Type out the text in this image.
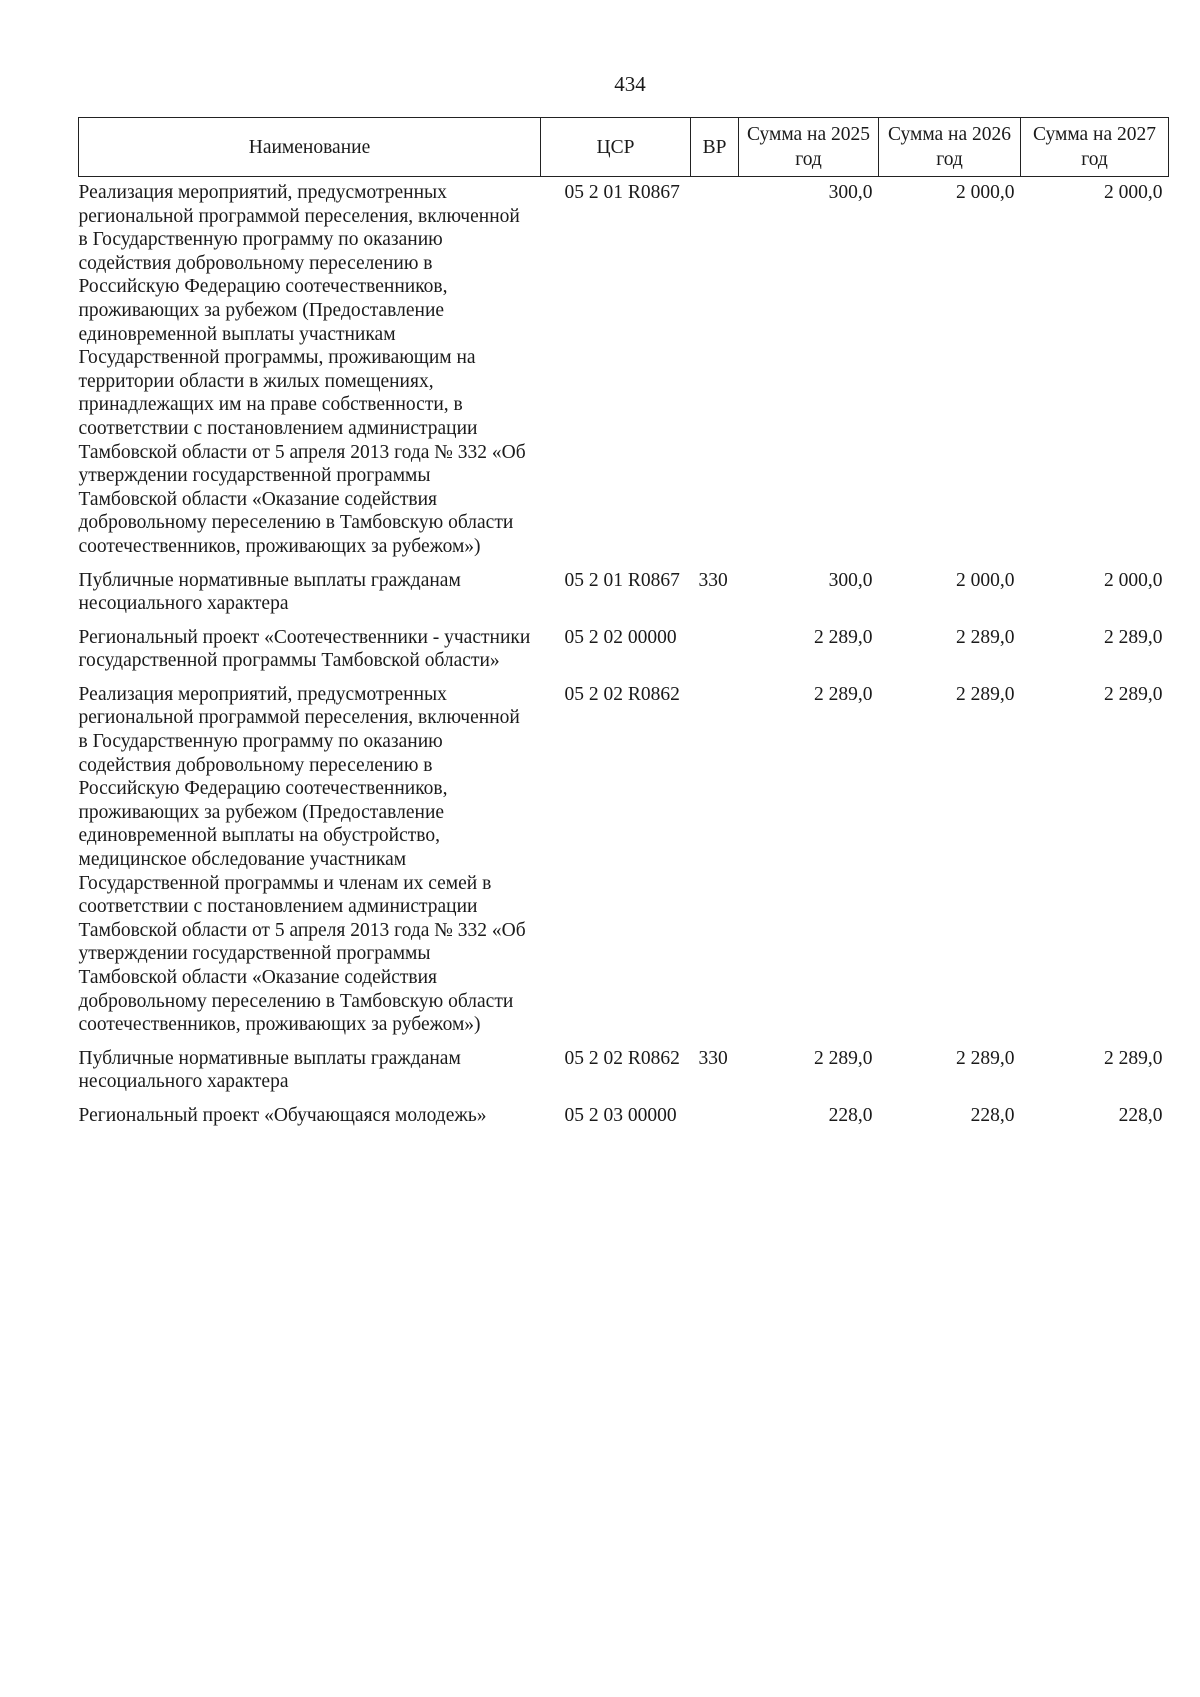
434
Наименование	ЦСР	ВР	Сумма на 2025 год	Сумма на 2026 год	Сумма на 2027 год
Реализация мероприятий, предусмотренных региональной программой переселения, включенной в Государственную программу по оказанию содействия добровольному переселению в Российскую Федерацию соотечественников, проживающих за рубежом (Предоставление единовременной выплаты участникам Государственной программы, проживающим на территории области в жилых помещениях, принадлежащих им на праве собственности, в соответствии с постановлением администрации Тамбовской области от 5 апреля 2013 года № 332 «Об утверждении государственной программы Тамбовской области «Оказание содействия добровольному переселению в Тамбовскую области соотечественников, проживающих за рубежом»)	05 2 01 R0867		300,0	2 000,0	2 000,0
Публичные нормативные выплаты гражданам несоциального характера	05 2 01 R0867	330	300,0	2 000,0	2 000,0
Региональный проект «Соотечественники - участники государственной программы Тамбовской области»	05 2 02 00000		2 289,0	2 289,0	2 289,0
Реализация мероприятий, предусмотренных региональной программой переселения, включенной в Государственную программу по оказанию содействия добровольному переселению в Российскую Федерацию соотечественников, проживающих за рубежом (Предоставление единовременной выплаты на обустройство, медицинское обследование участникам Государственной программы и членам их семей в соответствии с постановлением администрации Тамбовской области от 5 апреля 2013 года № 332 «Об утверждении государственной программы Тамбовской области «Оказание содействия добровольному переселению в Тамбовскую области соотечественников, проживающих за рубежом»)	05 2 02 R0862		2 289,0	2 289,0	2 289,0
Публичные нормативные выплаты гражданам несоциального характера	05 2 02 R0862	330	2 289,0	2 289,0	2 289,0
Региональный проект «Обучающаяся молодежь»	05 2 03 00000		228,0	228,0	228,0
